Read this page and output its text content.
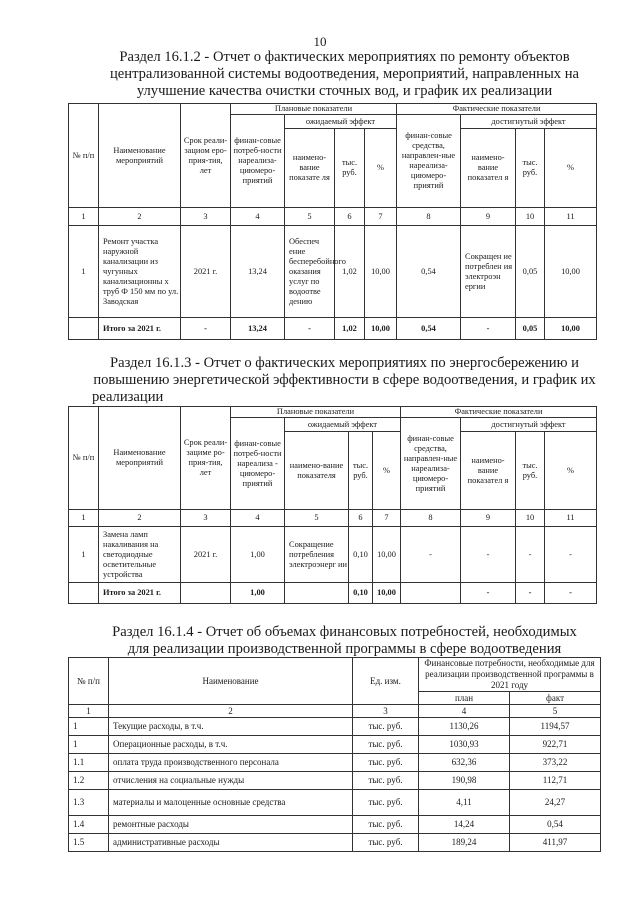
10
Раздел 16.1.2 - Отчет о фактических мероприятиях по ремонту объектов
централизованной системы водоотведения, мероприятий, направленных на
улучшение качества очистки сточных вод, и график их реализации
№ п/п	Наименование мероприятий	Срок реали-зациом еро-прия-тия, лет	Плановые показатели				Фактические показатели			
			финан-совые потреб-ности нареализа-циюмеро-приятий	ожидаемый эффект			финан-совые средства, направлен-ные нареализа-циюмеро-приятий	достигнутый эффект		
				наимено-вание показате ля	тыс. руб.	%		наимено-вание показател я	тыс. руб.	%
1	2	3	4	5	6	7	8	9	10	11
1	Ремонт участка наружной канализации из чугунных канализационны х труб Ф 150 мм по ул. Заводская	2021 г.	13,24	Обеспеч ение бесперебойного оказания услуг по водоотве дению	1,02	10,00	0,54	Сокращен ие потреблен ия электроэн ергии	0,05	10,00
	Итого за 2021 г.	-	13,24	-	1,02	10,00	0,54	-	0,05	10,00
Раздел 16.1.3 - Отчет о фактических мероприятиях по энергосбережению и
повышению энергетической эффективности в сфере водоотведения, и график их
реализации
№ п/п	Наименование мероприятий	Срок реали-зациме ро-прия-тия, лет	Плановые показатели				Фактические показатели			
			финан-совые потреб-ности нареализа - циюмеро-приятий	ожидаемый эффект			финан-совые средства, направлен-ные нареализа-циюмеро-приятий	достигнутый эффект		
				наимено-вание показателя	тыс. руб.	%		наимено-вание показател я	тыс. руб.	%
1	2	3	4	5	6	7	8	9	10	11
1	Замена ламп накаливания на светодиодные осветительные устройства	2021 г.	1,00	Сокращение потребления электроэнерг ии	0,10	10,00	-	-	-	-
	Итого за 2021 г.		1,00		0,10	10,00		-	-	-
Раздел 16.1.4 - Отчет об объемах финансовых потребностей, необходимых
для реализации производственной программы в сфере водоотведения
№ п/п	Наименование	Ед. изм.	Финансовые потребности, необходимые для реализации производственной программы в 2021 году	
			план	факт
1	2	3	4	5
1	Текущие расходы, в т.ч.	тыс. руб.	1130,26	1194,57
1	Операционные расходы, в т.ч.	тыс. руб.	1030,93	922,71
1.1	оплата труда производственного персонала	тыс. руб.	632,36	373,22
1.2	отчисления на социальные нужды	тыс. руб.	190,98	112,71
1.3	материалы и малоценные основные средства	тыс. руб.	4,11	24,27
1.4	ремонтные расходы	тыс. руб.	14,24	0,54
1.5	административные расходы	тыс. руб.	189,24	411,97
